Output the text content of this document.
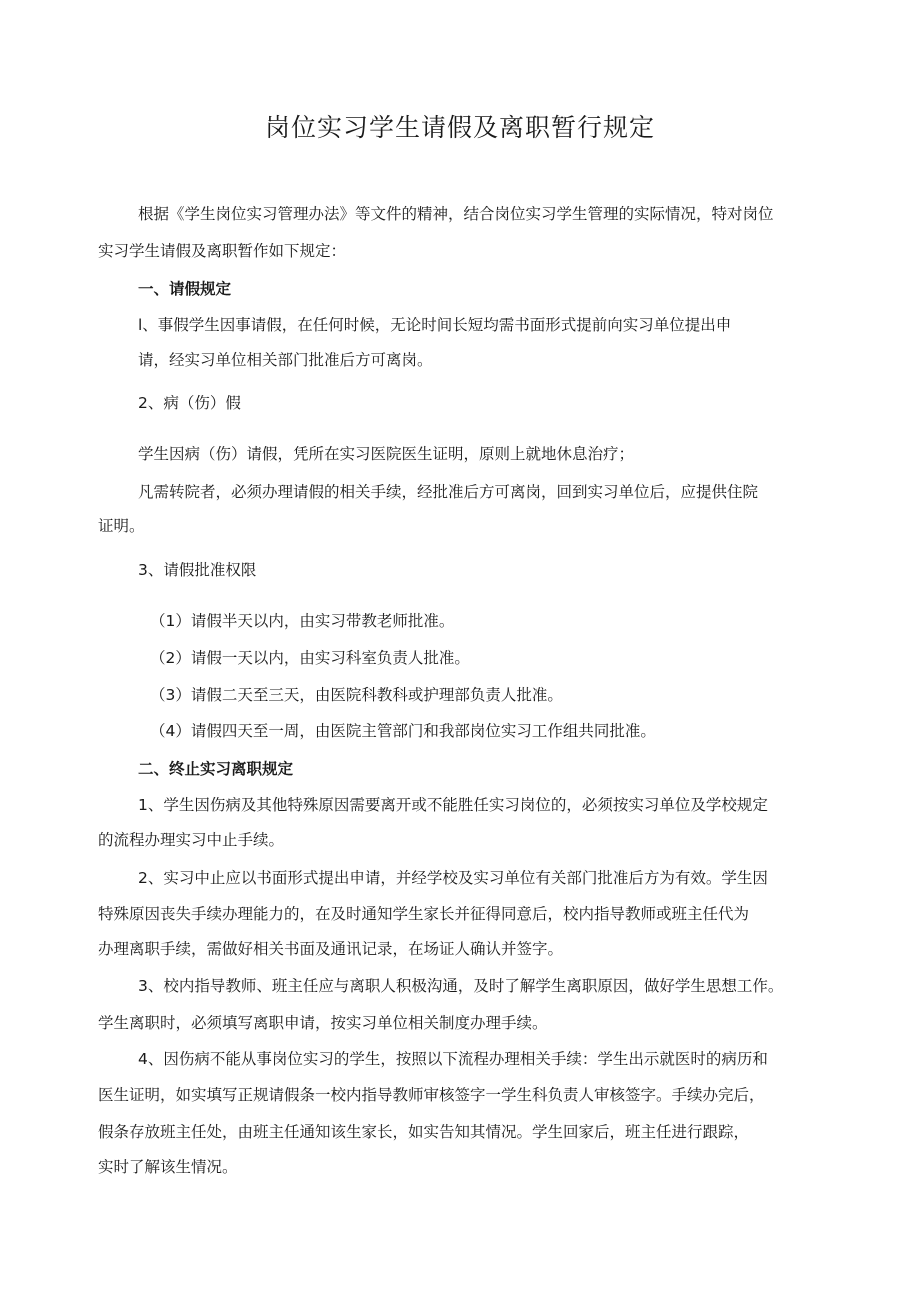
岗位实习学生请假及离职暂行规定
根据《学生岗位实习管理办法》等文件的精神，结合岗位实习学生管理的实际情况，特对岗位
实习学生请假及离职暂作如下规定：
一、请假规定
l、事假学生因事请假，在任何时候，无论时间长短均需书面形式提前向实习单位提出申
请，经实习单位相关部门批准后方可离岗。
2、病（伤）假
学生因病（伤）请假，凭所在实习医院医生证明，原则上就地休息治疗；
凡需转院者，必须办理请假的相关手续，经批准后方可离岗，回到实习单位后，应提供住院
证明。
3、请假批准权限
（1）请假半天以内，由实习带教老师批准。
（2）请假一天以内，由实习科室负责人批准。
（3）请假二天至三天，由医院科教科或护理部负责人批准。
（4）请假四天至一周，由医院主管部门和我部岗位实习工作组共同批准。
二、终止实习离职规定
1、学生因伤病及其他特殊原因需要离开或不能胜任实习岗位的，必须按实习单位及学校规定
的流程办理实习中止手续。
2、实习中止应以书面形式提出申请，并经学校及实习单位有关部门批准后方为有效。学生因
特殊原因丧失手续办理能力的，在及时通知学生家长并征得同意后，校内指导教师或班主任代为
办理离职手续，需做好相关书面及通讯记录，在场证人确认并签字。
3、校内指导教师、班主任应与离职人积极沟通，及时了解学生离职原因，做好学生思想工作。
学生离职时，必须填写离职申请，按实习单位相关制度办理手续。
4、因伤病不能从事岗位实习的学生，按照以下流程办理相关手续：学生出示就医时的病历和
医生证明，如实填写正规请假条一校内指导教师审核签字一学生科负责人审核签字。手续办完后，
假条存放班主任处，由班主任通知该生家长，如实告知其情况。学生回家后，班主任进行跟踪，
实时了解该生情况。
